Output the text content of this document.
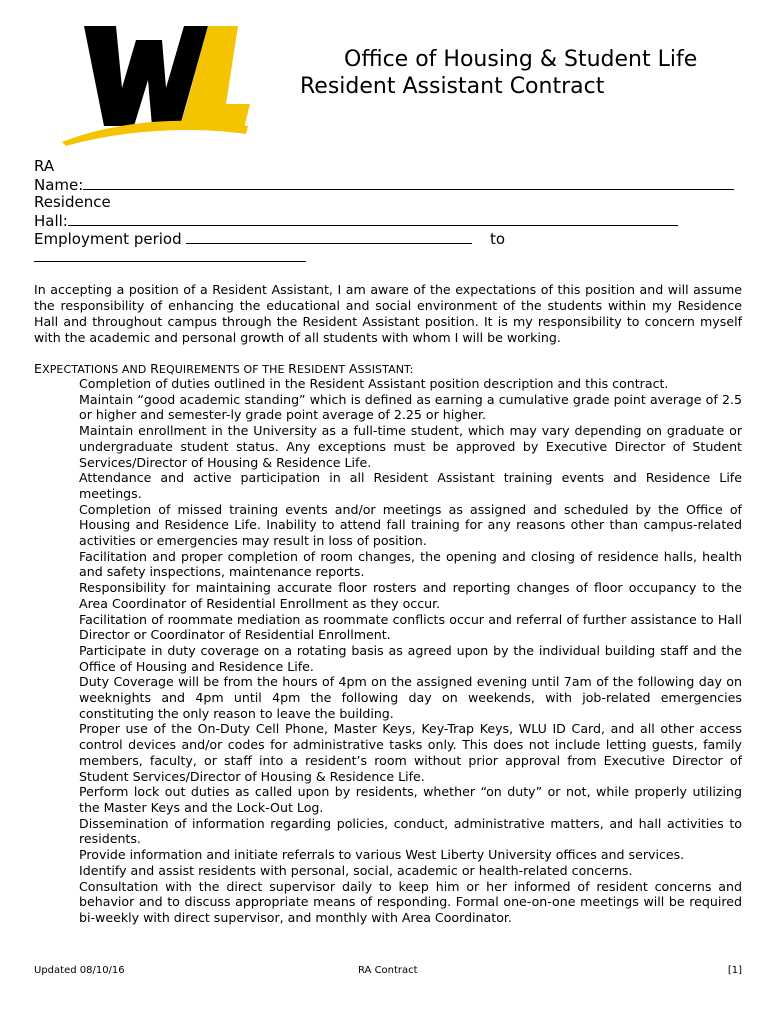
Office of Housing & Student Life
Resident Assistant Contract
RA
Name:
Residence
Hall:
Employment period	to

In accepting a position of a Resident Assistant, I am aware of the expectations of this position and will assume the responsibility of enhancing the educational and social environment of the students within my Residence Hall and throughout campus through the Resident Assistant position. It is my responsibility to concern myself with the academic and personal growth of all students with whom I will be working.

EXPECTATIONS AND REQUIREMENTS OF THE RESIDENT ASSISTANT:
Completion of duties outlined in the Resident Assistant position description and this contract.
Maintain “good academic standing” which is defined as earning a cumulative grade point average of 2.5 or higher and semester-ly grade point average of 2.25 or higher.
Maintain enrollment in the University as a full-time student, which may vary depending on graduate or undergraduate student status. Any exceptions must be approved by Executive Director of Student Services/Director of Housing & Residence Life.
Attendance and active participation in all Resident Assistant training events and Residence Life meetings.
Completion of missed training events and/or meetings as assigned and scheduled by the Office of Housing and Residence Life. Inability to attend fall training for any reasons other than campus-related activities or emergencies may result in loss of position.
Facilitation and proper completion of room changes, the opening and closing of residence halls, health and safety inspections, maintenance reports.
Responsibility for maintaining accurate floor rosters and reporting changes of floor occupancy to the Area Coordinator of Residential Enrollment as they occur.
Facilitation of roommate mediation as roommate conflicts occur and referral of further assistance to Hall Director or Coordinator of Residential Enrollment.
Participate in duty coverage on a rotating basis as agreed upon by the individual building staff and the Office of Housing and Residence Life.
Duty Coverage will be from the hours of 4pm on the assigned evening until 7am of the following day on weeknights and 4pm until 4pm the following day on weekends, with job-related emergencies constituting the only reason to leave the building.
Proper use of the On-Duty Cell Phone, Master Keys, Key-Trap Keys, WLU ID Card, and all other access control devices and/or codes for administrative tasks only. This does not include letting guests, family members, faculty, or staff into a resident’s room without prior approval from Executive Director of Student Services/Director of Housing & Residence Life.
Perform lock out duties as called upon by residents, whether “on duty” or not, while properly utilizing the Master Keys and the Lock-Out Log.
Dissemination of information regarding policies, conduct, administrative matters, and hall activities to residents.
Provide information and initiate referrals to various West Liberty University offices and services.
Identify and assist residents with personal, social, academic or health-related concerns.
Consultation with the direct supervisor daily to keep him or her informed of resident concerns and behavior and to discuss appropriate means of responding. Formal one-on-one meetings will be required bi-weekly with direct supervisor, and monthly with Area Coordinator.
Updated 08/10/16	RA Contract	[1]
